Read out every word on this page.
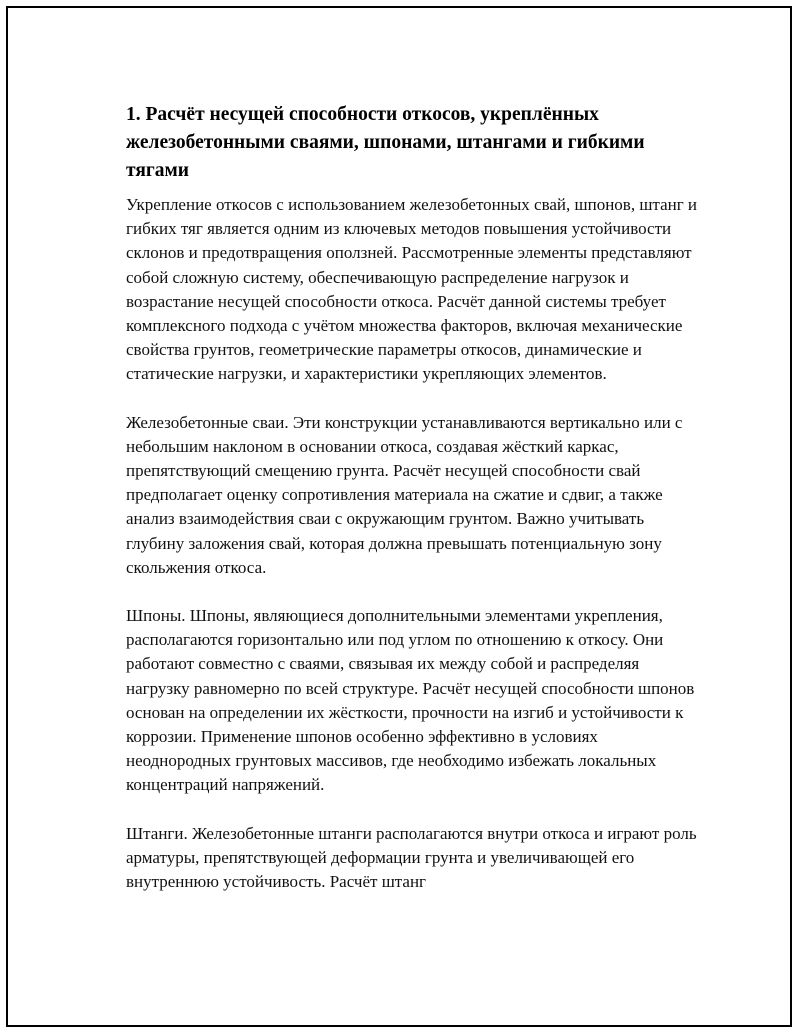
1. Расчёт несущей способности откосов, укреплённых железобетонными сваями, шпонами, штангами и гибкими тягами

Укрепление откосов с использованием железобетонных свай, шпонов, штанг и гибких тяг является одним из ключевых методов повышения устойчивости склонов и предотвращения оползней. Рассмотренные элементы представляют собой сложную систему, обеспечивающую распределение нагрузок и возрастание несущей способности откоса. Расчёт данной системы требует комплексного подхода с учётом множества факторов, включая механические свойства грунтов, геометрические параметры откосов, динамические и статические нагрузки, и характеристики укрепляющих элементов.

Железобетонные сваи. Эти конструкции устанавливаются вертикально или с небольшим наклоном в основании откоса, создавая жёсткий каркас, препятствующий смещению грунта. Расчёт несущей способности свай предполагает оценку сопротивления материала на сжатие и сдвиг, а также анализ взаимодействия сваи с окружающим грунтом. Важно учитывать глубину заложения свай, которая должна превышать потенциальную зону скольжения откоса.

Шпоны. Шпоны, являющиеся дополнительными элементами укрепления, располагаются горизонтально или под углом по отношению к откосу. Они работают совместно с сваями, связывая их между собой и распределяя нагрузку равномерно по всей структуре. Расчёт несущей способности шпонов основан на определении их жёсткости, прочности на изгиб и устойчивости к коррозии. Применение шпонов особенно эффективно в условиях неоднородных грунтовых массивов, где необходимо избежать локальных концентраций напряжений.

Штанги. Железобетонные штанги располагаются внутри откоса и играют роль арматуры, препятствующей деформации грунта и увеличивающей его внутреннюю устойчивость. Расчёт штанг
